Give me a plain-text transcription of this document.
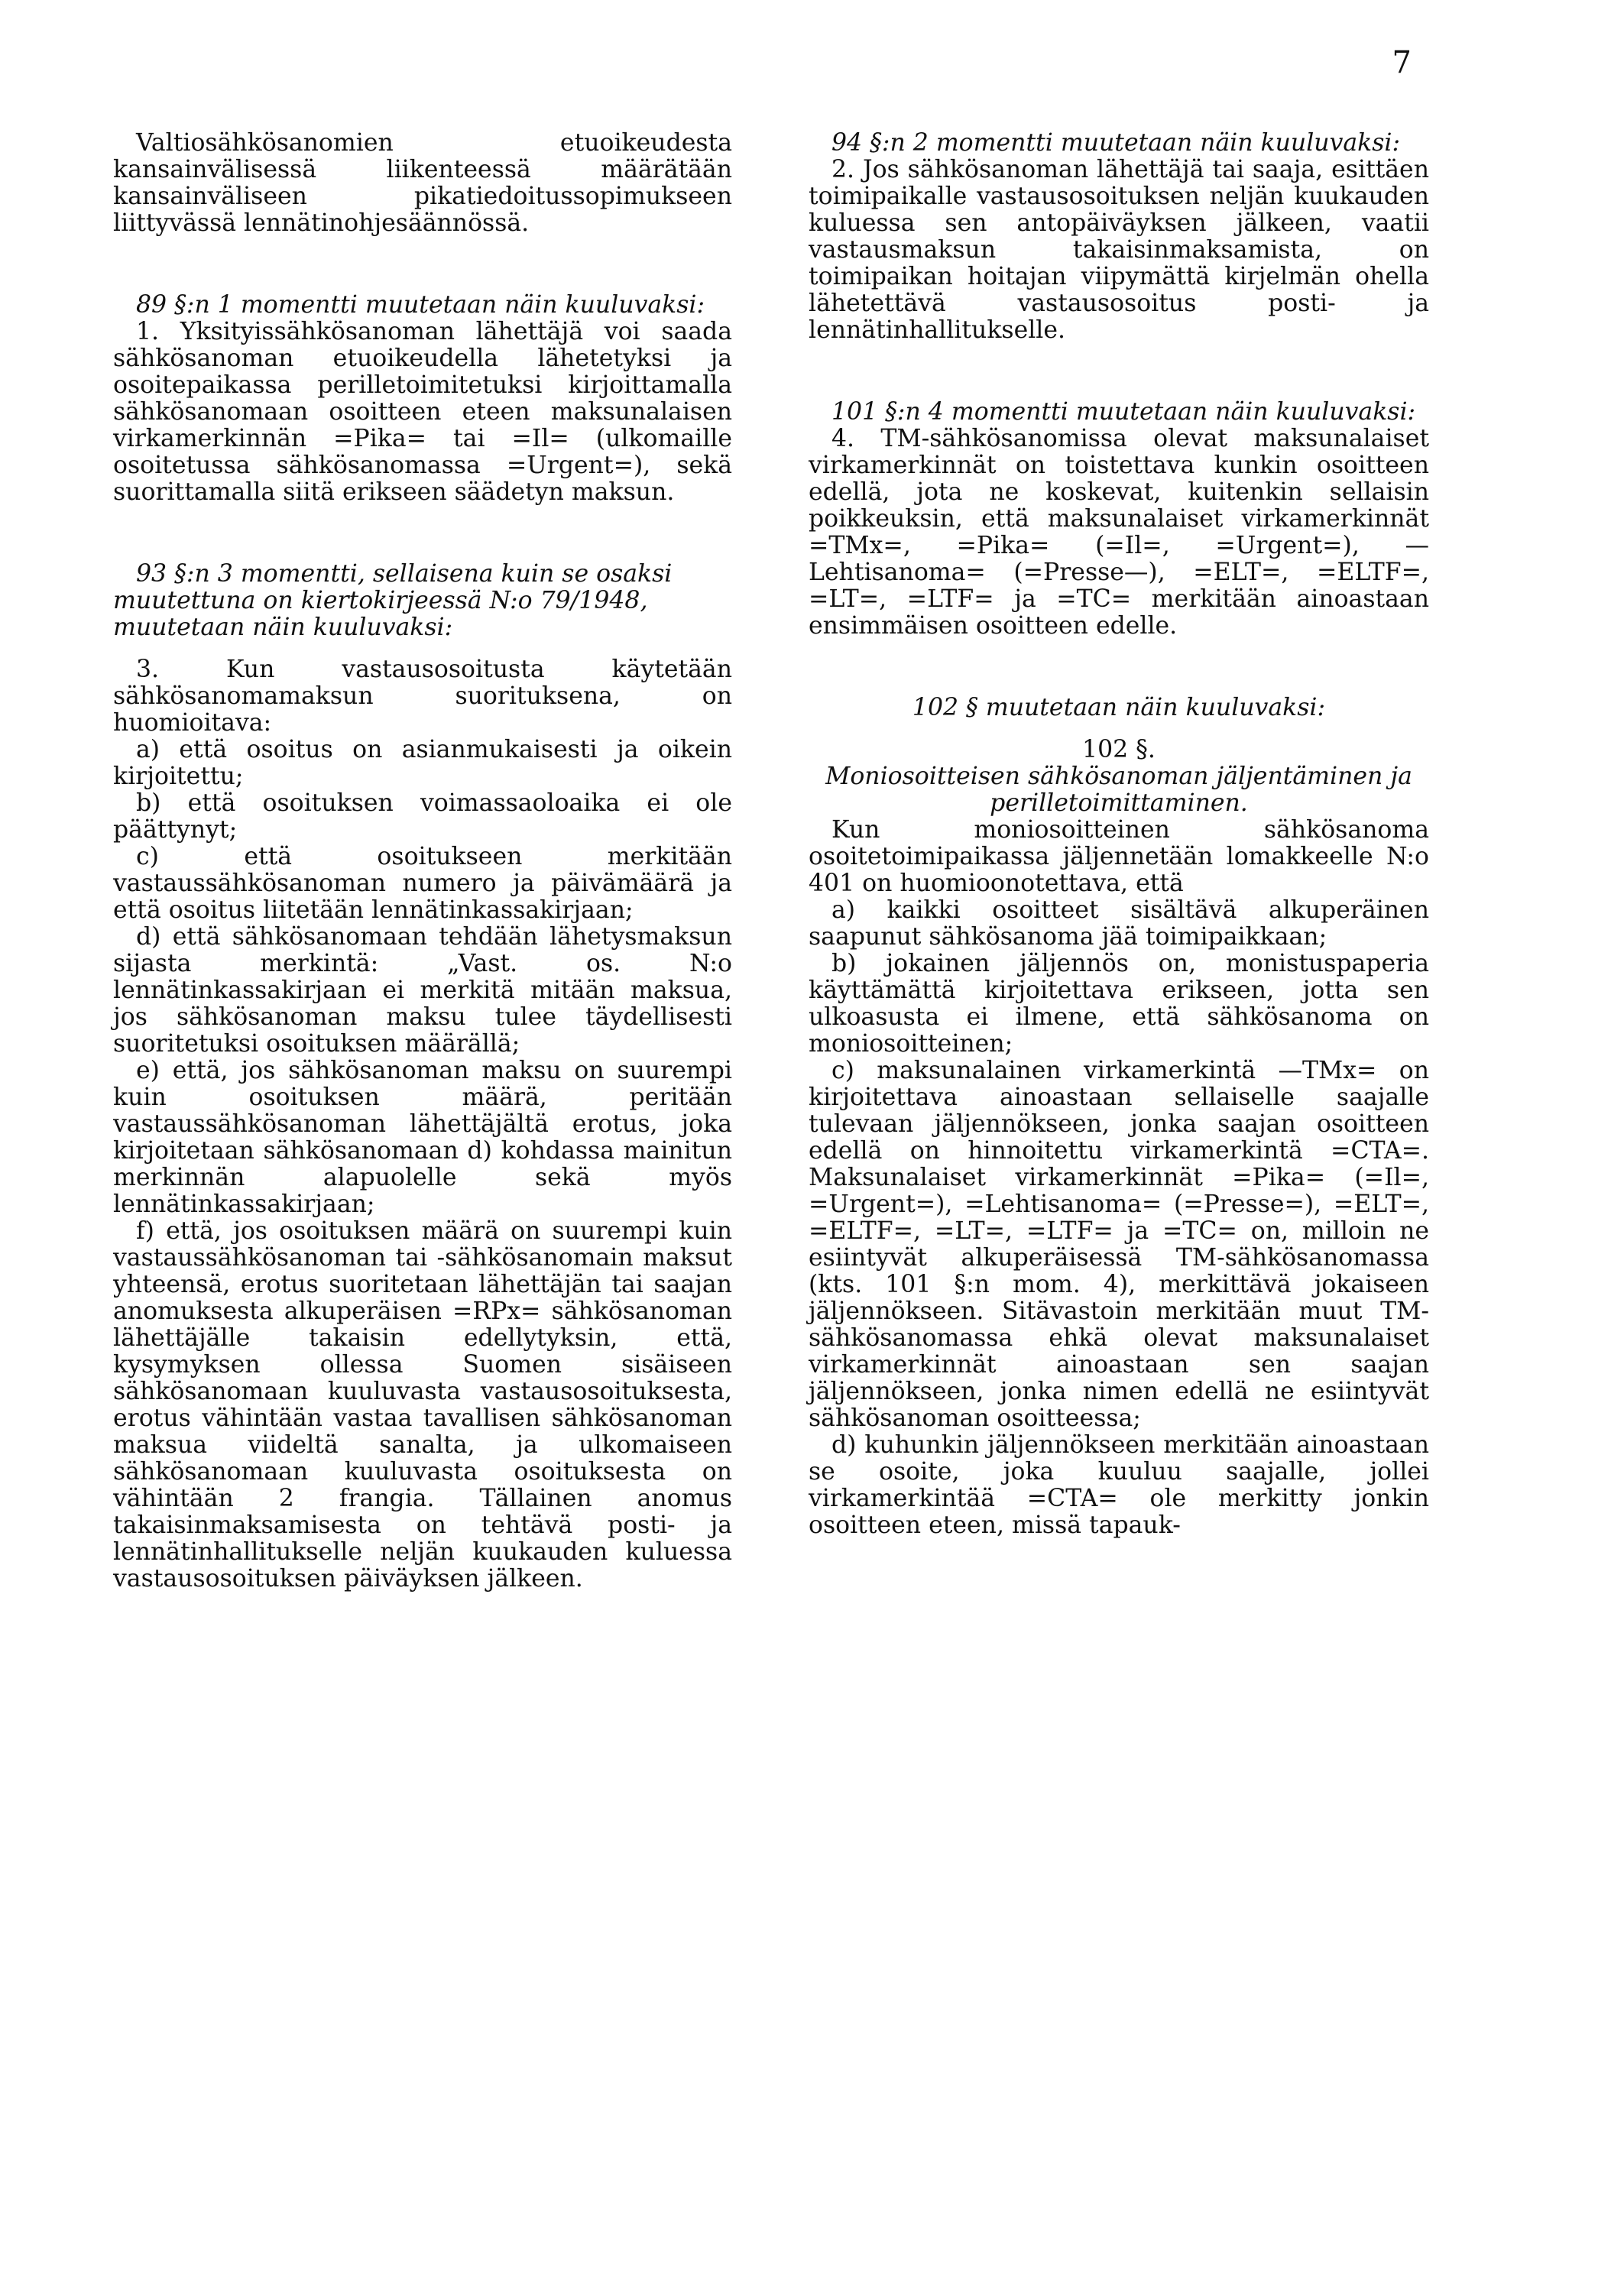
7

Valtiosähkösanomien etuoikeudesta kansainvälisessä liikenteessä määrätään kansainväliseen pikatiedoitussopimukseen liittyvässä lennätinohjesäännössä.

89 §:n 1 momentti muutetaan näin kuuluvaksi:

1. Yksityissähkösanoman lähettäjä voi saada sähkösanoman etuoikeudella lähetetyksi ja osoitepaikassa perilletoimitetuksi kirjoittamalla sähkösanomaan osoitteen eteen maksunalaisen virkamerkinnän =Pika= tai =Il= (ulkomaille osoitetussa sähkösanomassa =Urgent=), sekä suorittamalla siitä erikseen säädetyn maksun.

93 §:n 3 momentti, sellaisena kuin se osaksi muutettuna on kiertokirjeessä N:o 79/1948, muutetaan näin kuuluvaksi:

3. Kun vastausosoitusta käytetään sähkösanomamaksun suorituksena, on huomioitava:

a) että osoitus on asianmukaisesti ja oikein kirjoitettu;

b) että osoituksen voimassaoloaika ei ole päättynyt;

c) että osoitukseen merkitään vastaussähkösanoman numero ja päivämäärä ja että osoitus liitetään lennätinkassakirjaan;

d) että sähkösanomaan tehdään lähetysmaksun sijasta merkintä: „Vast. os. N:o lennätinkassakirjaan ei merkitä mitään maksua, jos sähkösanoman maksu tulee täydellisesti suoritetuksi osoituksen määrällä;

e) että, jos sähkösanoman maksu on suurempi kuin osoituksen määrä, peritään vastaussähkösanoman lähettäjältä erotus, joka kirjoitetaan sähkösanomaan d) kohdassa mainitun merkinnän alapuolelle sekä myös lennätinkassakirjaan;

f) että, jos osoituksen määrä on suurempi kuin vastaussähkösanoman tai -sähkösanomain maksut yhteensä, erotus suoritetaan lähettäjän tai saajan anomuksesta alkuperäisen =RPx= sähkösanoman lähettäjälle takaisin edellytyksin, että, kysymyksen ollessa Suomen sisäiseen sähkösanomaan kuuluvasta vastausosoituksesta, erotus vähintään vastaa tavallisen sähkösanoman maksua viideltä sanalta, ja ulkomaiseen sähkösanomaan kuuluvasta osoituksesta on vähintään 2 frangia. Tällainen anomus takaisinmaksamisesta on tehtävä posti- ja lennätinhallitukselle neljän kuukauden kuluessa vastausosoituksen päiväyksen jälkeen.

94 §:n 2 momentti muutetaan näin kuuluvaksi:

2. Jos sähkösanoman lähettäjä tai saaja, esittäen toimipaikalle vastausosoituksen neljän kuukauden kuluessa sen antopäiväyksen jälkeen, vaatii vastausmaksun takaisinmaksamista, on toimipaikan hoitajan viipymättä kirjelmän ohella lähetettävä vastausosoitus posti- ja lennätinhallitukselle.

101 §:n 4 momentti muutetaan näin kuuluvaksi:

4. TM-sähkösanomissa olevat maksunalaiset virkamerkinnät on toistettava kunkin osoitteen edellä, jota ne koskevat, kuitenkin sellaisin poikkeuksin, että maksunalaiset virkamerkinnät =TMx=, =Pika= (=Il=, =Urgent=), —Lehtisanoma= (=Presse—), =ELT=, =ELTF=, =LT=, =LTF= ja =TC= merkitään ainoastaan ensimmäisen osoitteen edelle.

102 § muutetaan näin kuuluvaksi:

102 §.

Moniosoitteisen sähkösanoman jäljentäminen ja perilletoimittaminen.

Kun moniosoitteinen sähkösanoma osoitetoimipaikassa jäljennetään lomakkeelle N:o 401 on huomioonotettava, että

a) kaikki osoitteet sisältävä alkuperäinen saapunut sähkösanoma jää toimipaikkaan;

b) jokainen jäljennös on, monistuspaperia käyttämättä kirjoitettava erikseen, jotta sen ulkoasusta ei ilmene, että sähkösanoma on moniosoitteinen;

c) maksunalainen virkamerkintä —TMx= on kirjoitettava ainoastaan sellaiselle saajalle tulevaan jäljennökseen, jonka saajan osoitteen edellä on hinnoitettu virkamerkintä =CTA=. Maksunalaiset virkamerkinnät =Pika= (=Il=, =Urgent=), =Lehtisanoma= (=Presse=), =ELT=, =ELTF=, =LT=, =LTF= ja =TC= on, milloin ne esiintyvät alkuperäisessä TM-sähkösanomassa (kts. 101 §:n mom. 4), merkittävä jokaiseen jäljennökseen. Sitävastoin merkitään muut TM-sähkösanomassa ehkä olevat maksunalaiset virkamerkinnät ainoastaan sen saajan jäljennökseen, jonka nimen edellä ne esiintyvät sähkösanoman osoitteessa;

d) kuhunkin jäljennökseen merkitään ainoastaan se osoite, joka kuuluu saajalle, jollei virkamerkintää =CTA= ole merkitty jonkin osoitteen eteen, missä tapauk-
